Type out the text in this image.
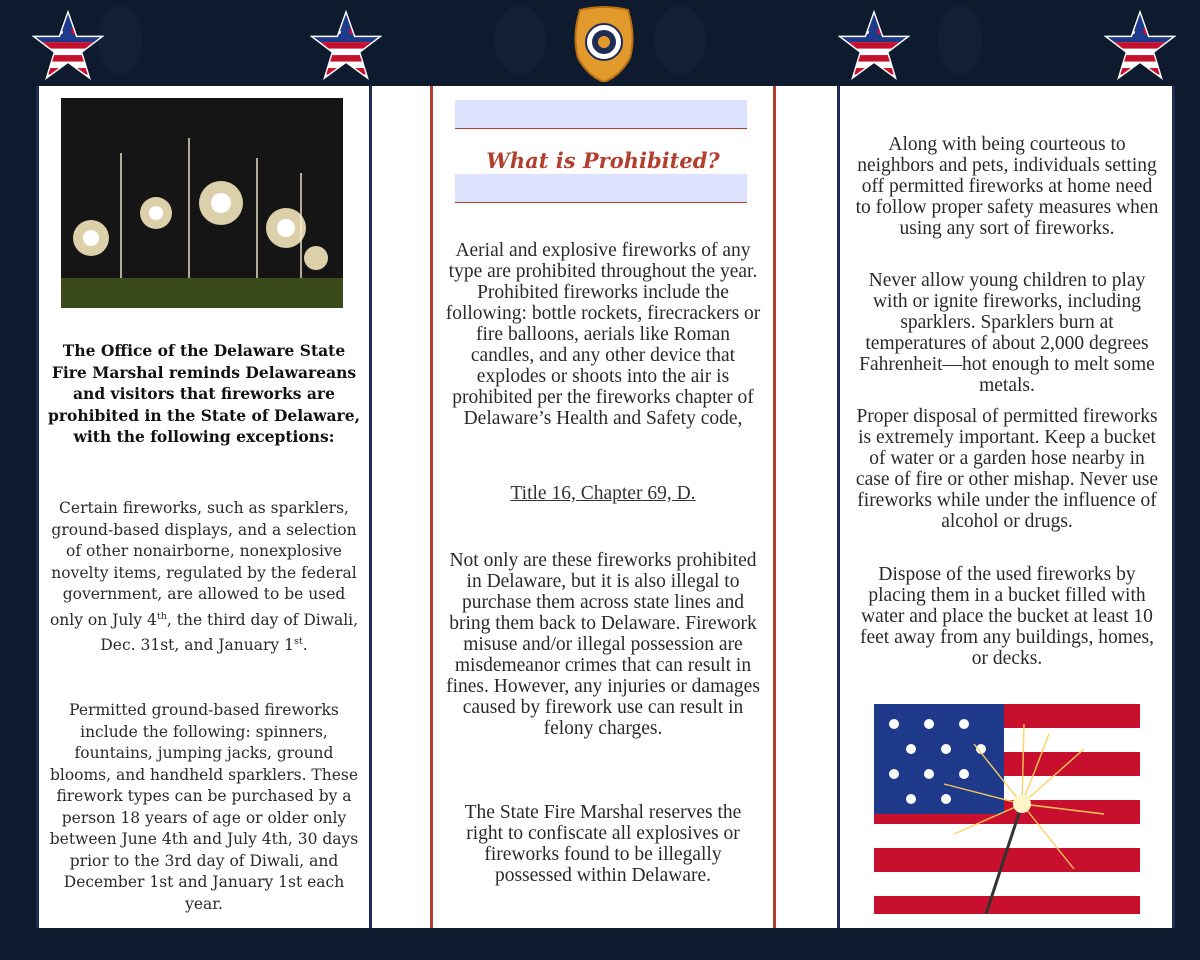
The Office of the Delaware State Fire Marshal reminds Delawareans and visitors that fireworks are prohibited in the State of Delaware, with the following exceptions:

Certain fireworks, such as sparklers, ground-based displays, and a selection of other nonairborne, nonexplosive novelty items, regulated by the federal government, are allowed to be used only on July 4th, the third day of Diwali, Dec. 31st, and January 1st.

Permitted ground-based fireworks include the following: spinners, fountains, jumping jacks, ground blooms, and handheld sparklers. These firework types can be purchased by a person 18 years of age or older only between June 4th and July 4th, 30 days prior to the 3rd day of Diwali, and December 1st and January 1st each year.

What is Prohibited?

Aerial and explosive fireworks of any type are prohibited throughout the year. Prohibited fireworks include the following: bottle rockets, firecrackers or fire balloons, aerials like Roman candles, and any other device that explodes or shoots into the air is prohibited per the fireworks chapter of Delaware’s Health and Safety code,

Title 16, Chapter 69, D.

Not only are these fireworks prohibited in Delaware, but it is also illegal to purchase them across state lines and bring them back to Delaware. Firework misuse and/or illegal possession are misdemeanor crimes that can result in fines. However, any injuries or damages caused by firework use can result in felony charges.

The State Fire Marshal reserves the right to confiscate all explosives or fireworks found to be illegally possessed within Delaware.

Along with being courteous to neighbors and pets, individuals setting off permitted fireworks at home need to follow proper safety measures when using any sort of fireworks.

Never allow young children to play with or ignite fireworks, including sparklers. Sparklers burn at temperatures of about 2,000 degrees Fahrenheit—hot enough to melt some metals.

Proper disposal of permitted fireworks is extremely important. Keep a bucket of water or a garden hose nearby in case of fire or other mishap. Never use fireworks while under the influence of alcohol or drugs.

Dispose of the used fireworks by placing them in a bucket filled with water and place the bucket at least 10 feet away from any buildings, homes, or decks.
